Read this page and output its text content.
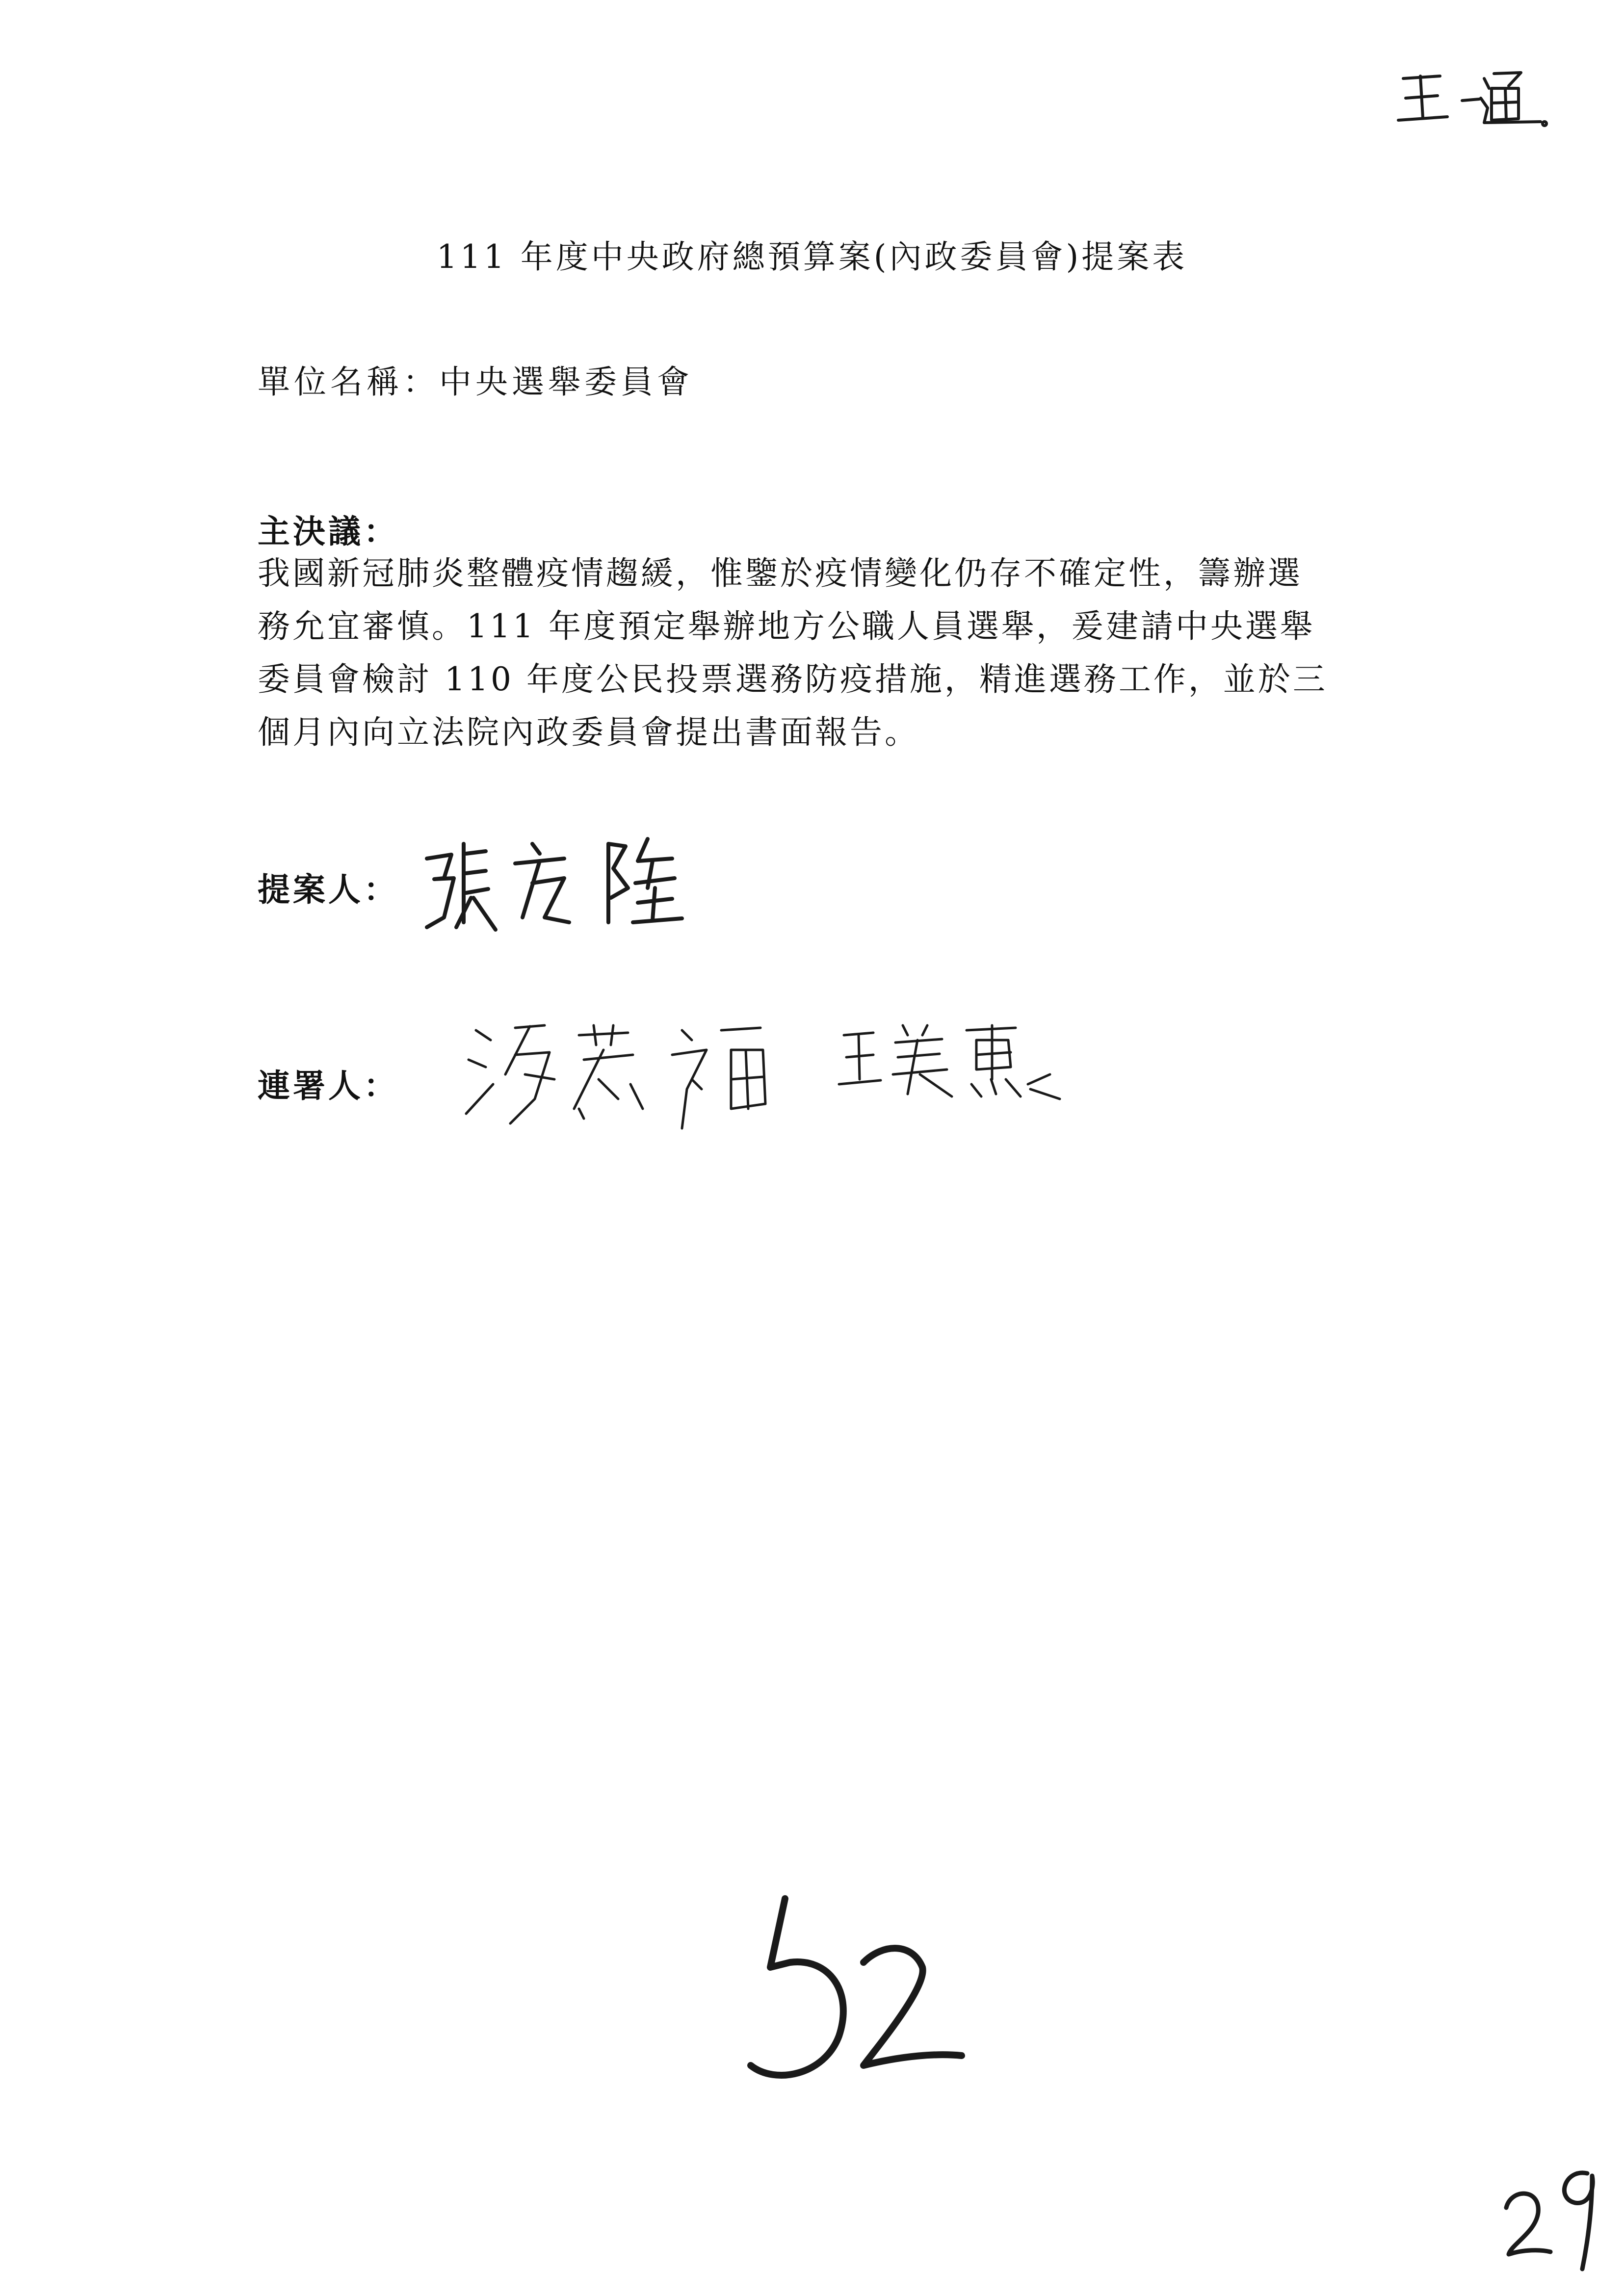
111 年度中央政府總預算案(內政委員會)提案表
單位名稱：中央選舉委員會
主決議：
我國新冠肺炎整體疫情趨緩，惟鑒於疫情變化仍存不確定性，籌辦選
務允宜審慎。111 年度預定舉辦地方公職人員選舉，爰建請中央選舉
委員會檢討 110 年度公民投票選務防疫措施，精進選務工作，並於三
個月內向立法院內政委員會提出書面報告。
提案人：
連署人：
